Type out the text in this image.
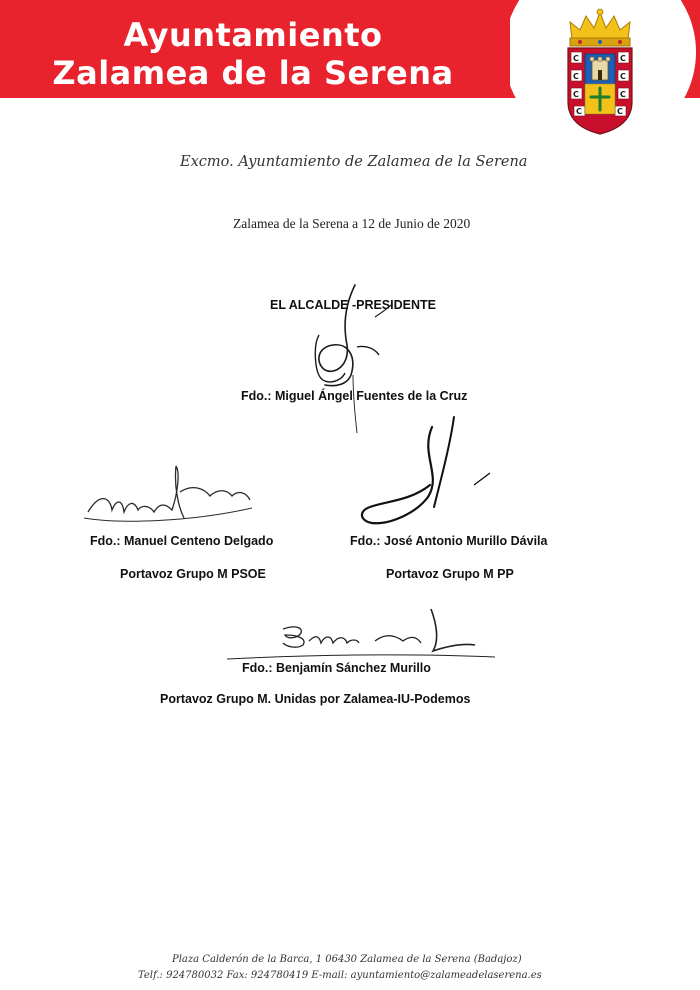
Ayuntamiento
Zalamea de la Serena	C	C
C	C
C	C
C	C
Excmo. Ayuntamiento de Zalamea de la Serena
Zalamea de la Serena a 12 de Junio de 2020
EL ALCALDE -PRESIDENTE
Fdo.: Miguel Ángel Fuentes de la Cruz
Fdo.: Manuel Centeno Delgado
Portavoz Grupo M PSOE
Fdo.: José Antonio Murillo Dávila
Portavoz Grupo M PP
Fdo.: Benjamín Sánchez Murillo
Portavoz Grupo M. Unidas por Zalamea-IU-Podemos
Plaza Calderón de la Barca, 1 06430 Zalamea de la Serena (Badajoz)
Telf.: 924780032 Fax: 924780419 E-mail: ayuntamiento@zalameadelaserena.es
